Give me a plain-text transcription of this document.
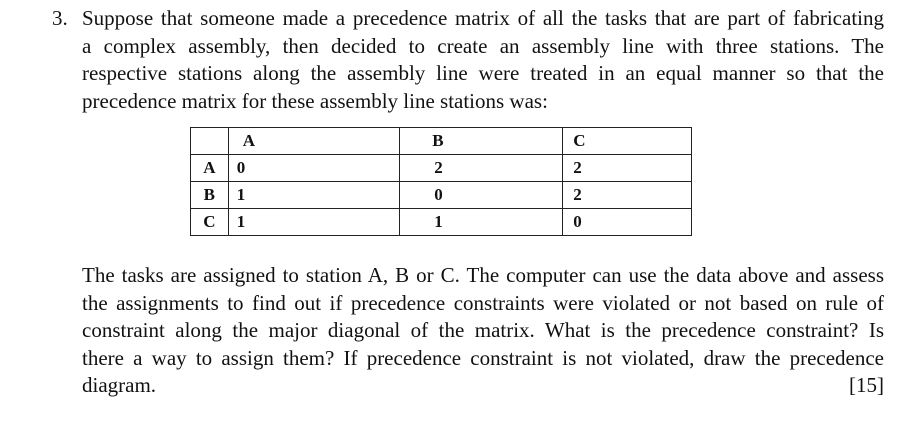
3. Suppose that someone made a precedence matrix of all the tasks that are part of fabricating
a complex assembly, then decided to create an assembly line with three stations. The
respective stations along the assembly line were treated in an equal manner so that the
precedence matrix for these assembly line stations was:
	A	B	C
A	0	2	2
B	1	0	2
C	1	1	0
The tasks are assigned to station A, B or C. The computer can use the data above and assess
the assignments to find out if precedence constraints were violated or not based on rule of
constraint along the major diagonal of the matrix. What is the precedence constraint? Is
there a way to assign them? If precedence constraint is not violated, draw the precedence
diagram.	[15]
